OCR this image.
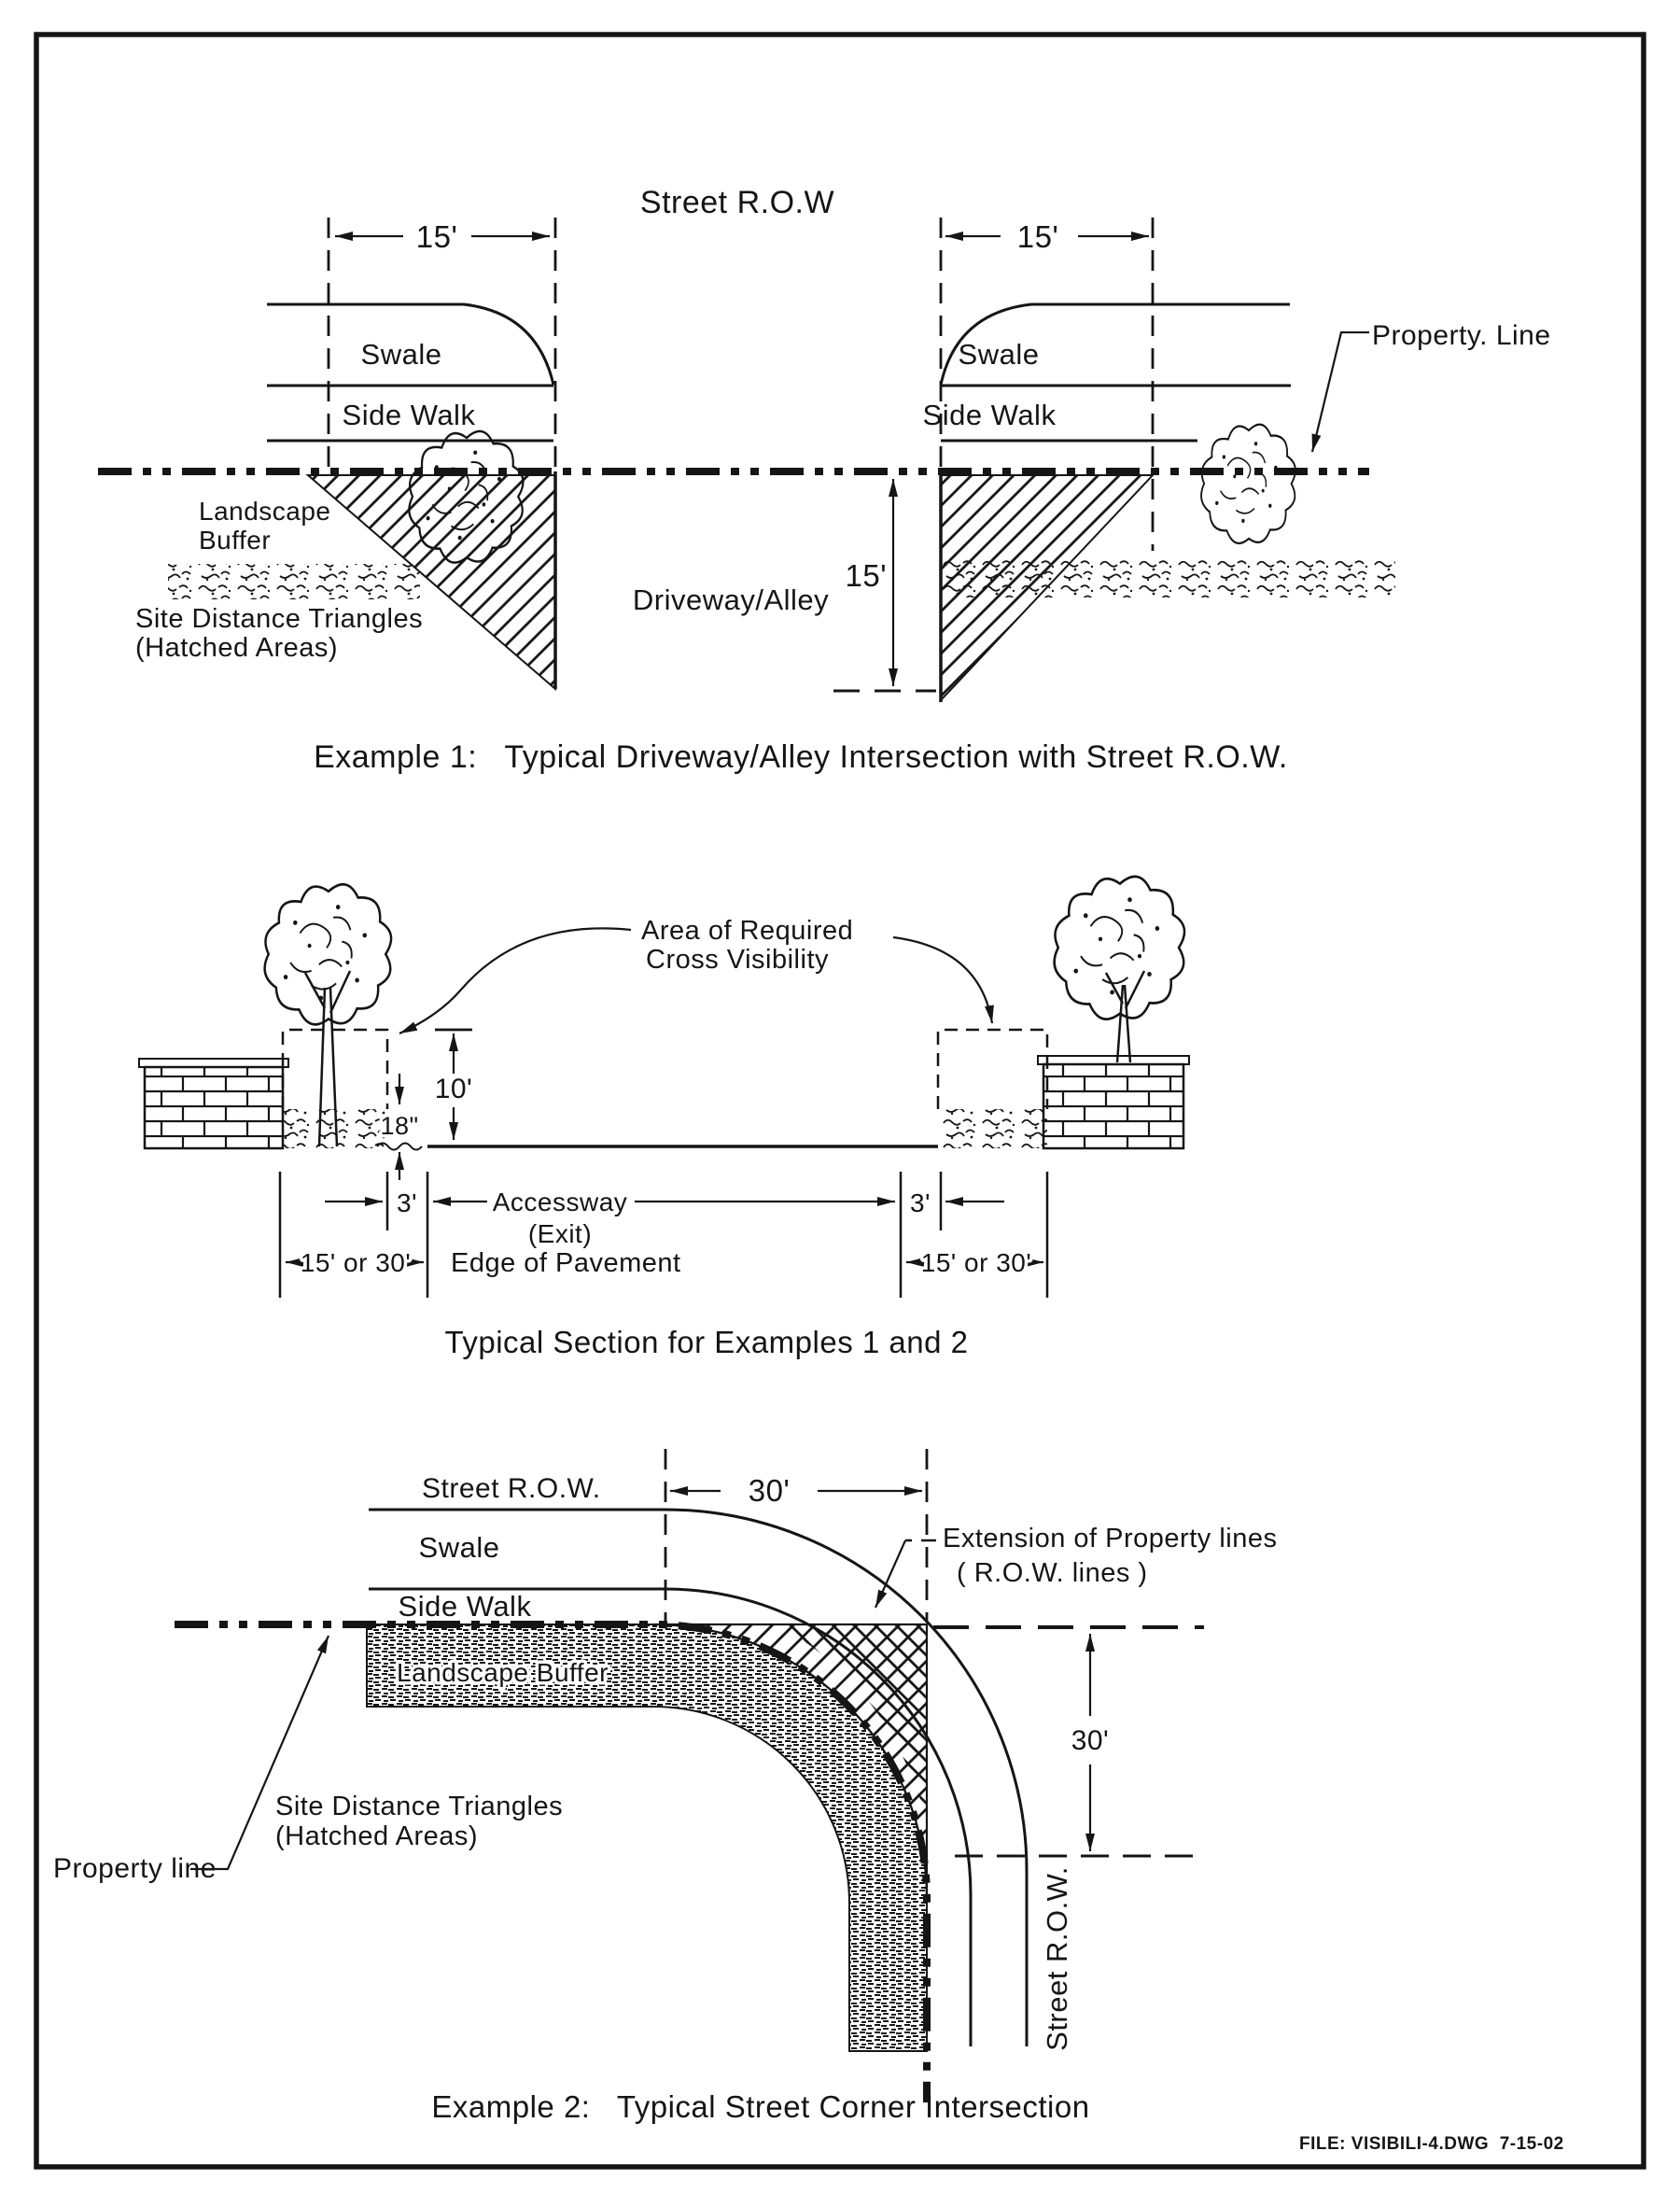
Street R.O.W
15'	15'
Swale
Side Walk
Swale
Side Walk
Property. Line
Landscape
Buffer
Site Distance Triangles
(Hatched Areas)
Driveway/Alley
15'
Example 1:   Typical Driveway/Alley Intersection with Street R.O.W.
Area of Required
Cross Visibility
10'
18"
3'	3'
Accessway
(Exit)
15' or 30'	15' or 30'
Edge of Pavement
Typical Section for Examples 1 and 2
Street R.O.W.
Swale
Side Walk
30'
Extension of Property lines
( R.O.W. lines )
Landscape Buffer
Property line
Site Distance Triangles
(Hatched Areas)
30'
Street R.O.W.
Example 2:   Typical Street Corner Intersection
FILE: VISIBILI-4.DWG  7-15-02
